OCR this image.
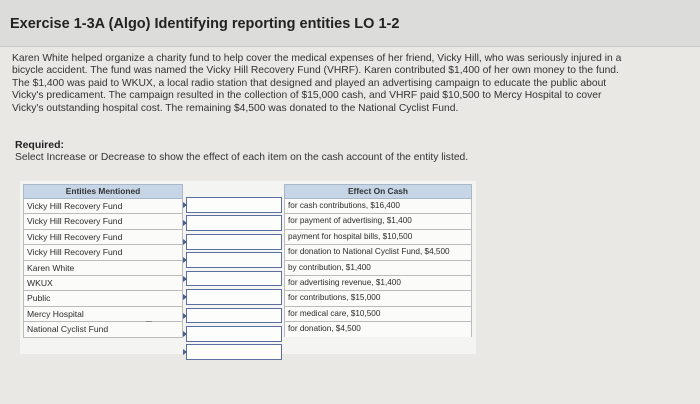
Exercise 1-3A (Algo) Identifying reporting entities LO 1-2
Karen White helped organize a charity fund to help cover the medical expenses of her friend, Vicky Hill, who was seriously injured in a
bicycle accident. The fund was named the Vicky Hill Recovery Fund (VHRF). Karen contributed $1,400 of her own money to the fund.
The $1,400 was paid to WKUX, a local radio station that designed and played an advertising campaign to educate the public about
Vicky's predicament. The campaign resulted in the collection of $15,000 cash, and VHRF paid $10,500 to Mercy Hospital to cover
Vicky's outstanding hospital cost. The remaining $4,500 was donated to the National Cyclist Fund.
Required:
Select Increase or Decrease to show the effect of each item on the cash account of the entity listed.
Entities Mentioned
Vicky Hill Recovery Fund
Vicky Hill Recovery Fund
Vicky Hill Recovery Fund
Vicky Hill Recovery Fund
Karen White
WKUX
Public
Mercy Hospital
National Cyclist Fund
Effect On Cash
for cash contributions, $16,400
for payment of advertising, $1,400
payment for hospital bills, $10,500
for donation to National Cyclist Fund, $4,500
by contribution, $1,400
for advertising revenue, $1,400
for contributions, $15,000
for medical care, $10,500
for donation, $4,500
